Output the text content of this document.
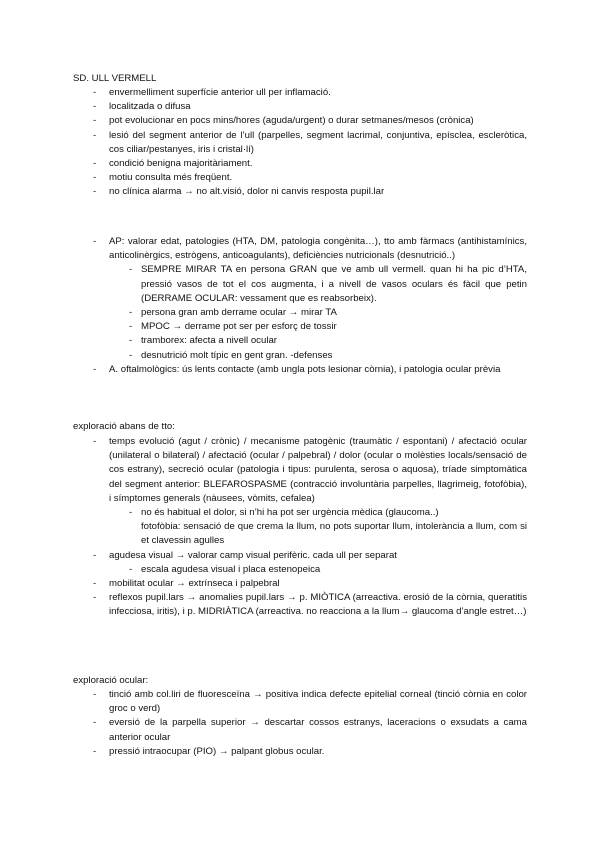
SD. ULL VERMELL
- envermelliment superfície anterior ull per inflamació.
- localitzada o difusa
- pot evolucionar en pocs mins/hores (aguda/urgent) o durar setmanes/mesos (crònica)
- lesió del segment anterior de l’ull (parpelles, segment lacrimal, conjuntiva, epísclea, escleròtica, cos ciliar/pestanyes, iris i cristal·lí)
- condició benigna majoritàriament.
- motiu consulta més freqüent.
- no clínica alarma → no alt.visió, dolor ni canvis resposta pupil.lar
- AP: valorar edat, patologies (HTA, DM, patologia congènita…), tto amb fàrmacs (antihistamínics, anticolinèrgics, estrògens, anticoagulants), deficiències nutricionals (desnutrició..)
- SEMPRE MIRAR TA en persona GRAN que ve amb ull vermell. quan hi ha pic d’HTA, pressió vasos de tot el cos augmenta, i a nivell de vasos oculars és fàcil que petin (DERRAME OCULAR: vessament que es reabsorbeix).
- persona gran amb derrame ocular → mirar TA
- MPOC → derrame pot ser per esforç de tossir
- tramborex: afecta a nivell ocular
- desnutrició molt típic en gent gran. -defenses
- A. oftalmològics: ús lents contacte (amb ungla pots lesionar còrnia), i patologia ocular prèvia
exploració abans de tto:
- temps evolució (agut / crònic) / mecanisme patogènic (traumàtic / espontani) / afectació ocular (unilateral o bilateral) / afectació (ocular / palpebral) / dolor (ocular o molèsties locals/sensació de cos estrany), secreció ocular (patologia i tipus: purulenta, serosa o aquosa), tríade simptomàtica del segment anterior: BLEFAROSPASME (contracció involuntària parpelles, llagrimeig, fotofòbia), i símptomes generals (nàusees, vòmits, cefalea)
- no és habitual el dolor, si n’hi ha pot ser urgència mèdica (glaucoma..)
fotofòbia: sensació de que crema la llum, no pots suportar llum, intolerància a llum, com si et clavessin agulles
- agudesa visual → valorar camp visual perifèric. cada ull per separat
- escala agudesa visual i placa estenopeica
- mobilitat ocular → extrínseca i palpebral
- reflexos pupil.lars → anomalies pupil.lars → p. MIÒTICA (arreactiva. erosió de la còrnia, queratitis infecciosa, iritis), i p. MIDRIÀTICA (arreactiva. no reacciona a la llum→ glaucoma d’angle estret…)
exploració ocular:
- tinció amb col.liri de fluoresceïna → positiva indica defecte epitelial corneal (tinció còrnia en color groc o verd)
- eversió de la parpella superior → descartar cossos estranys, laceracions o exsudats a cama anterior ocular
- pressió intraocupar (PIO) → palpant globus ocular.
